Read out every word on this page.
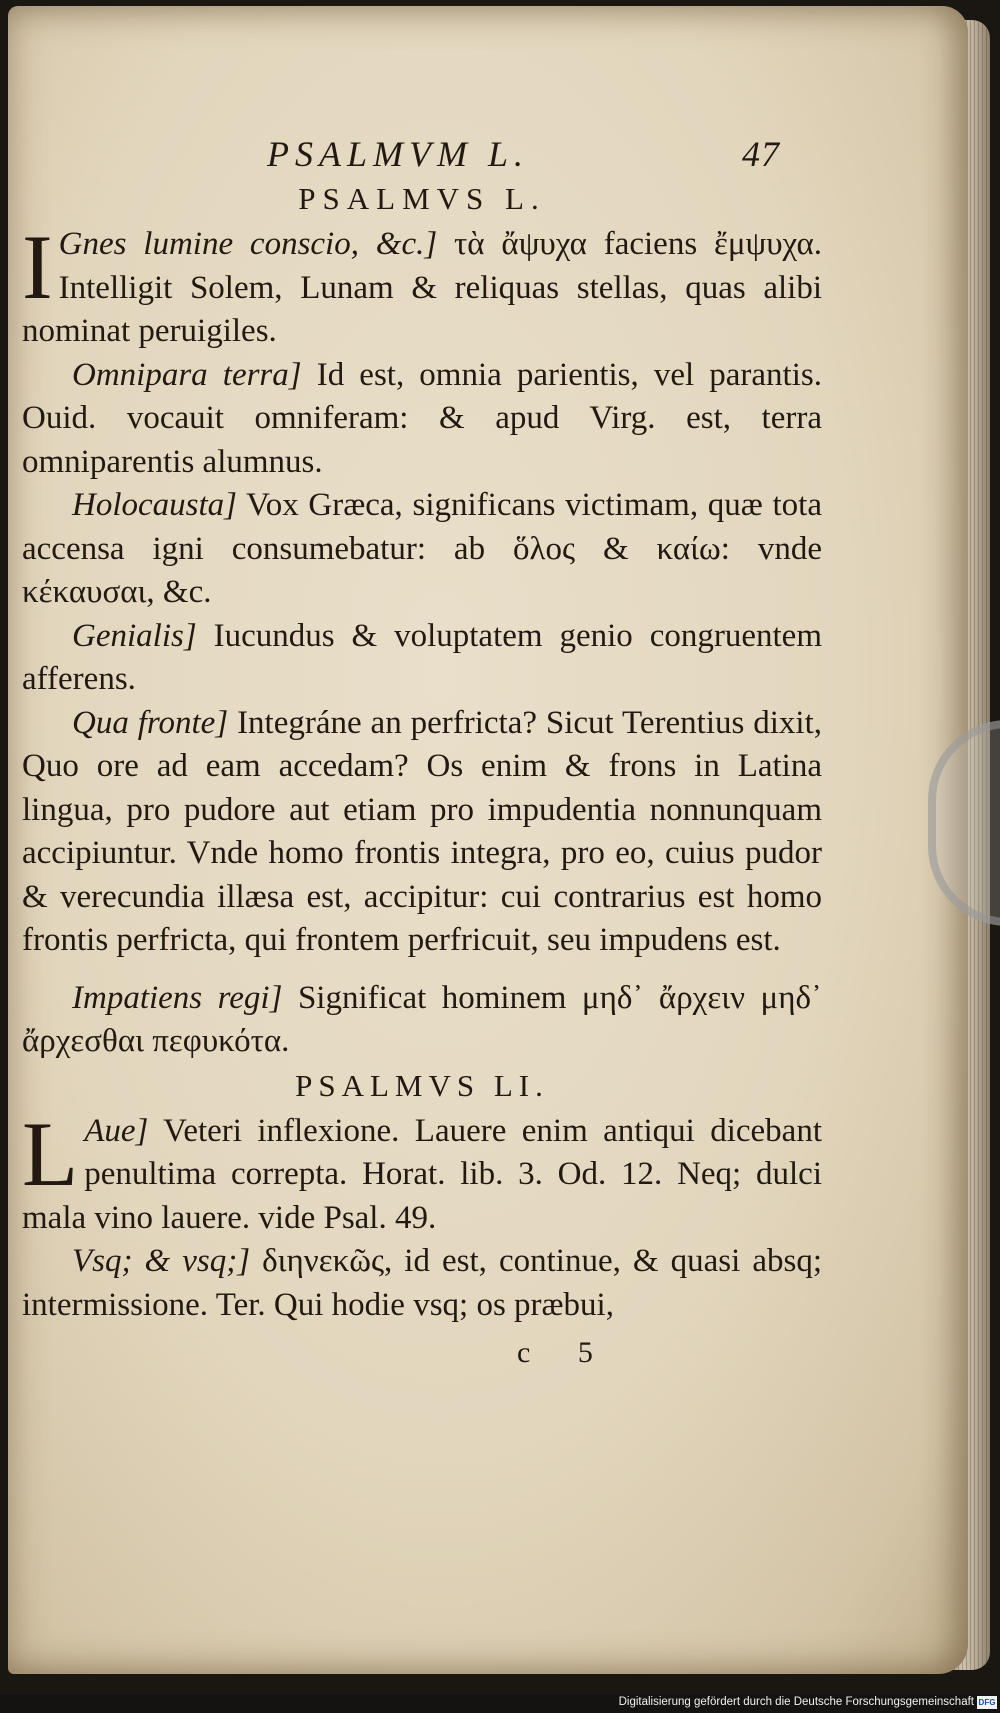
PSALMVM L.	47
PSALMVS L.

I Gnes lumine conscio, &c.] τὰ ἄψυχα faciens ἔμψυχα. Intelligit Solem, Lunam & reliquas stellas, quas alibi nominat peruigiles.

Omnipara terra] Id est, omnia parientis, vel parantis. Ouid. vocauit omniferam: & apud Virg. est, terra omniparentis alumnus.

Holocausta] Vox Græca, significans victimam, quæ tota accensa igni consumebatur: ab ὅλος & καίω: vnde κέκαυσαι, &c.

Genialis] Iucundus & voluptatem genio congruentem afferens.

Qua fronte] Integráne an perfricta? Sicut Terentius dixit, Quo ore ad eam accedam? Os enim & frons in Latina lingua, pro pudore aut etiam pro impudentia nonnunquam accipiuntur. Vnde homo frontis integra, pro eo, cuius pudor & verecundia illæsa est, accipitur: cui contrarius est homo frontis perfricta, qui frontem perfricuit, seu impudens est.

Impatiens regi] Significat hominem μηδ᾽ ἄρχειν μηδ᾽ ἄρχεσθαι πεφυκότα.

PSALMVS LI.

L Aue] Veteri inflexione. Lauere enim antiqui dicebant penultima correpta. Horat. lib. 3. Od. 12. Neq; dulci mala vino lauere. vide Psal. 49.

Vsq; & vsq;] διηνεκῶς, id est, continue, & quasi absq; intermissione. Ter. Qui hodie vsq; os præbui,

c 5
Digitalisierung gefördert durch die Deutsche Forschungsgemeinschaft DFG
